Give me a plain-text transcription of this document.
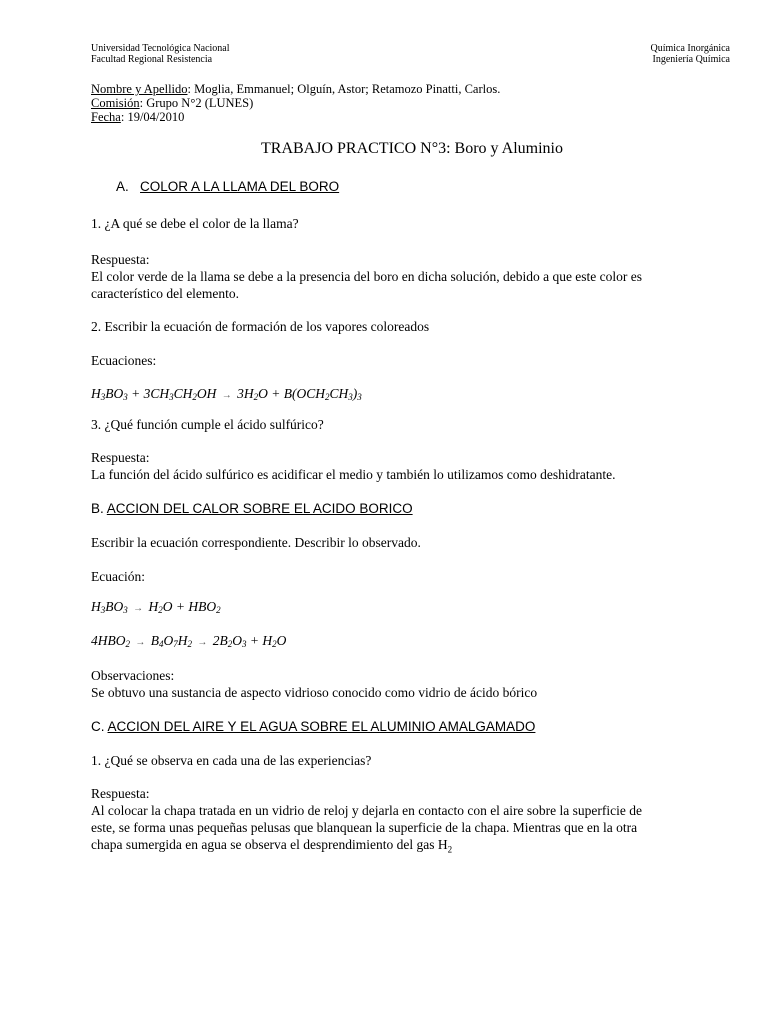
Universidad Tecnológica Nacional
Facultad Regional Resistencia
Química Inorgánica
Ingeniería Química
Nombre y Apellido: Moglia, Emmanuel; Olguín, Astor; Retamozo Pinatti, Carlos.
Comisión: Grupo N°2 (LUNES)
Fecha: 19/04/2010
TRABAJO PRACTICO N°3: Boro y Aluminio
A. COLOR A LA LLAMA DEL BORO
1. ¿A qué se debe el color de la llama?
Respuesta:
El color verde de la llama se debe a la presencia del boro en dicha solución, debido a que este color es
característico del elemento.
2. Escribir la ecuación de formación de los vapores coloreados
Ecuaciones:
$H_3BO_3 + 3CH_3CH_2OH \to 3H_2O + B(OCH_2CH_3)_3$
3. ¿Qué función cumple el ácido sulfúrico?
Respuesta:
La función del ácido sulfúrico es acidificar el medio y también lo utilizamos como deshidratante.
B. ACCION DEL CALOR SOBRE EL ACIDO BORICO
Escribir la ecuación correspondiente. Describir lo observado.
Ecuación:
$H_3BO_3 \to H_2O + HBO_2$
$4HBO_2 \to B_4O_7H_2 \to 2B_2O_3 + H_2O$
Observaciones:
Se obtuvo una sustancia de aspecto vidrioso conocido como vidrio de ácido bórico
C. ACCION DEL AIRE Y EL AGUA SOBRE EL ALUMINIO AMALGAMADO
1. ¿Qué se observa en cada una de las experiencias?
Respuesta:
Al colocar la chapa tratada en un vidrio de reloj y dejarla en contacto con el aire sobre la superficie de
este, se forma unas pequeñas pelusas que blanquean la superficie de la chapa. Mientras que en la otra
chapa sumergida en agua se observa el desprendimiento del gas $H_2$
